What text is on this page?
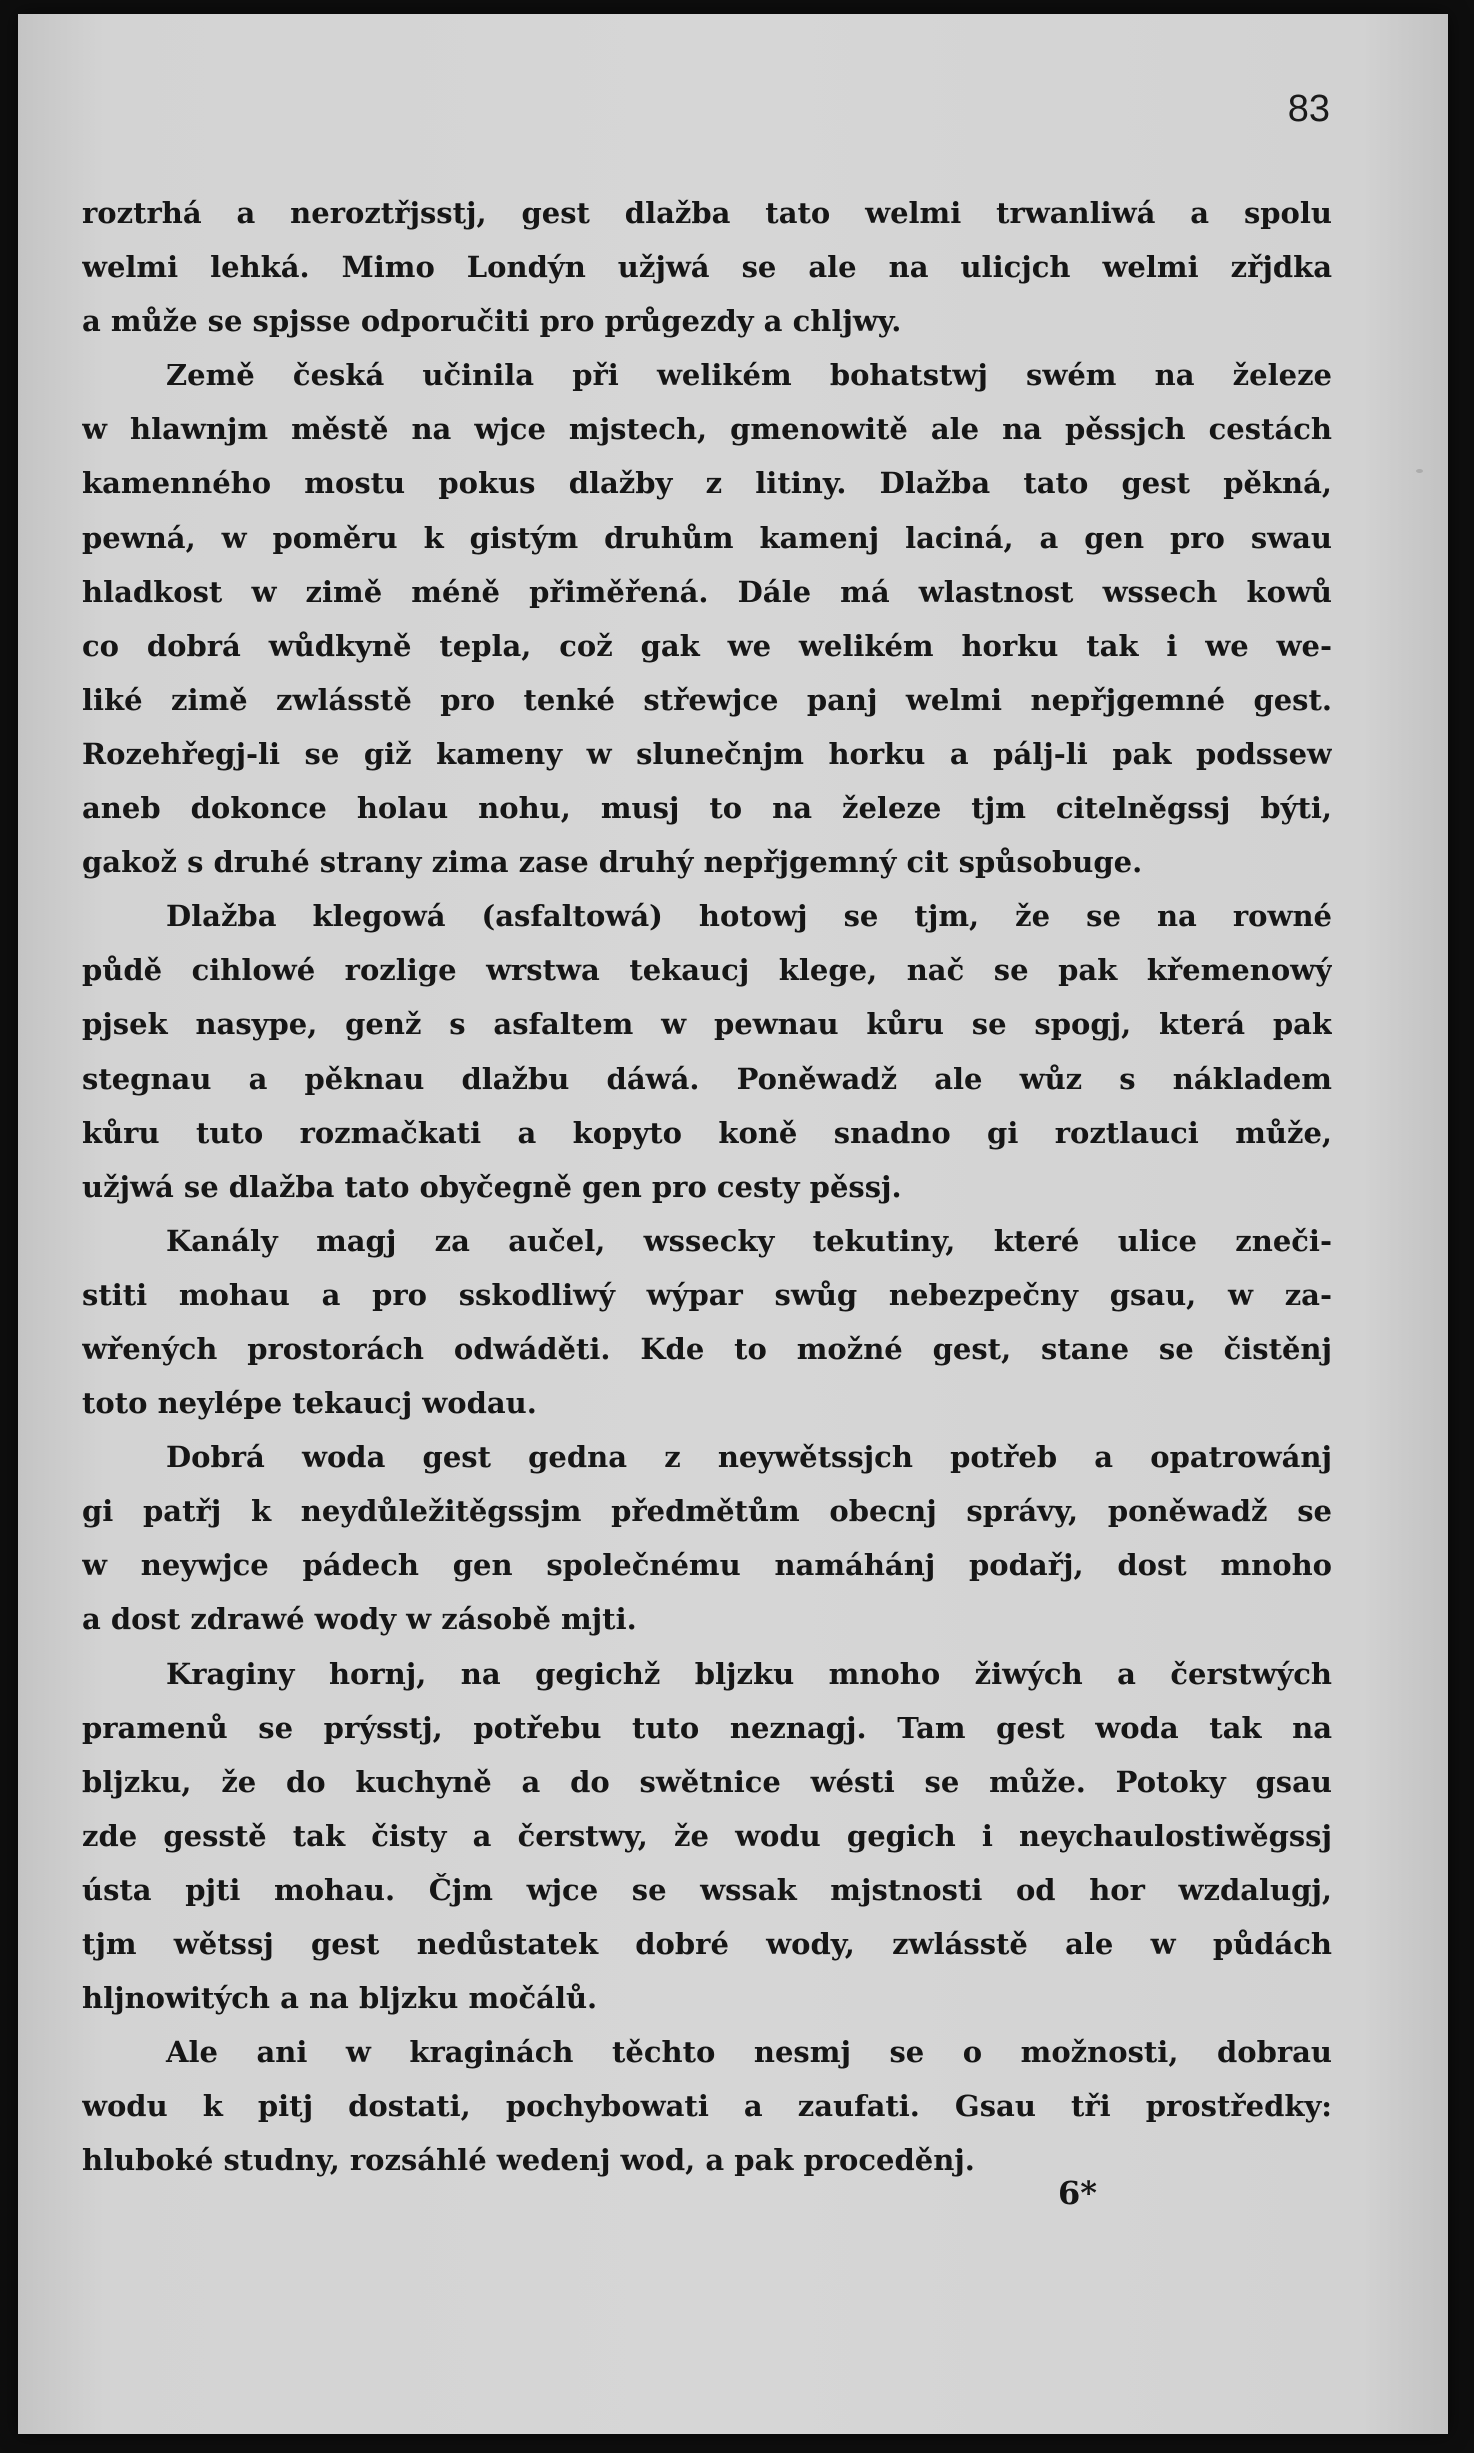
83

roztrhá a neroztřjsstj, gest dlažba tato welmi trwanliwá a spolu
welmi lehká. Mimo Londýn užjwá se ale na ulicjch welmi zřjdka
a může se spjsse odporučiti pro průgezdy a chljwy.
Země česká učinila při welikém bohatstwj swém na železe
w hlawnjm městě na wjce mjstech, gmenowitě ale na pěssjch cestách
kamenného mostu pokus dlažby z litiny. Dlažba tato gest pěkná,
pewná, w poměru k gistým druhům kamenj laciná, a gen pro swau
hladkost w zimě méně přiměřená. Dále má wlastnost wssech kowů
co dobrá wůdkyně tepla, což gak we welikém horku tak i we we-
liké zimě zwlásstě pro tenké střewjce panj welmi nepřjgemné gest.
Rozehřegj-li se giž kameny w slunečnjm horku a pálj-li pak podssew
aneb dokonce holau nohu, musj to na železe tjm citelněgssj býti,
gakož s druhé strany zima zase druhý nepřjgemný cit spůsobuge.
Dlažba klegowá (asfaltowá) hotowj se tjm, že se na rowné
půdě cihlowé rozlige wrstwa tekaucj klege, nač se pak křemenowý
pjsek nasype, genž s asfaltem w pewnau kůru se spogj, která pak
stegnau a pěknau dlažbu dáwá. Poněwadž ale wůz s nákladem
kůru tuto rozmačkati a kopyto koně snadno gi roztlauci může,
užjwá se dlažba tato obyčegně gen pro cesty pěssj.
Kanály magj za aučel, wssecky tekutiny, které ulice zneči-
stiti mohau a pro sskodliwý wýpar swůg nebezpečny gsau, w za-
wřených prostorách odwáděti. Kde to možné gest, stane se čistěnj
toto neylépe tekaucj wodau.
Dobrá woda gest gedna z neywětssjch potřeb a opatrowánj
gi patřj k neydůležitěgssjm předmětům obecnj správy, poněwadž se
w neywjce pádech gen společnému namáhánj podařj, dost mnoho
a dost zdrawé wody w zásobě mjti.
Kraginy hornj, na gegichž bljzku mnoho žiwých a čerstwých
pramenů se prýsstj, potřebu tuto neznagj. Tam gest woda tak na
bljzku, že do kuchyně a do swětnice wésti se může. Potoky gsau
zde gesstě tak čisty a čerstwy, že wodu gegich i neychaulostiwěgssj
ústa pjti mohau. Čjm wjce se wssak mjstnosti od hor wzdalugj,
tjm wětssj gest nedůstatek dobré wody, zwlásstě ale w půdách
hljnowitých a na bljzku močálů.
Ale ani w kraginách těchto nesmj se o možnosti, dobrau
wodu k pitj dostati, pochybowati a zaufati. Gsau tři prostředky:
hluboké studny, rozsáhlé wedenj wod, a pak proceděnj.

6*
